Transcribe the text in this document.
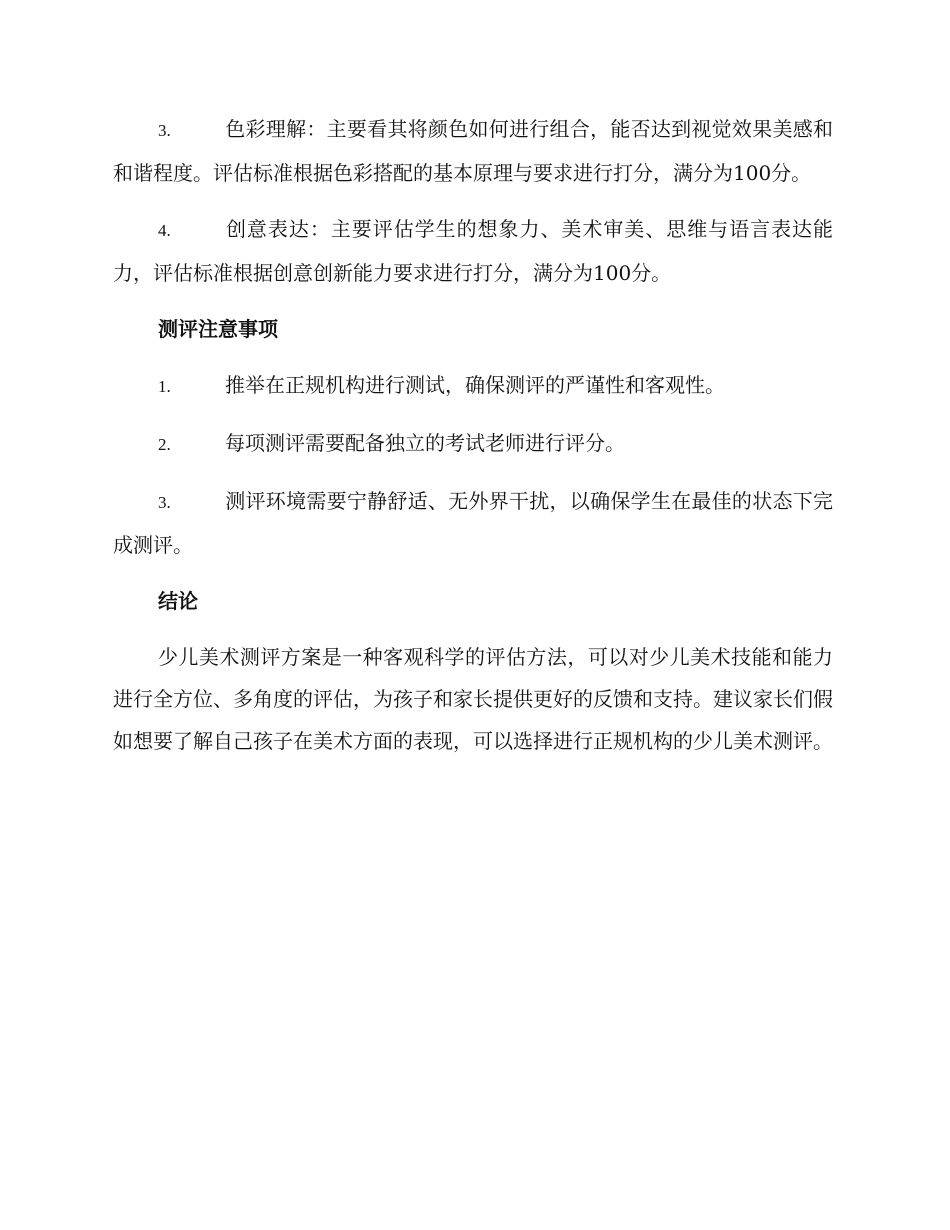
3.	色彩理解：主要看其将颜色如何进行组合，能否达到视觉效果美感和和谐程度。评估标准根据色彩搭配的基本原理与要求进行打分，满分为100分。

4.	创意表达：主要评估学生的想象力、美术审美、思维与语言表达能力，评估标准根据创意创新能力要求进行打分，满分为100分。

测评注意事项

1.	推举在正规机构进行测试，确保测评的严谨性和客观性。

2.	每项测评需要配备独立的考试老师进行评分。

3.	测评环境需要宁静舒适、无外界干扰，以确保学生在最佳的状态下完成测评。

结论

少儿美术测评方案是一种客观科学的评估方法，可以对少儿美术技能和能力进行全方位、多角度的评估，为孩子和家长提供更好的反馈和支持。建议家长们假如想要了解自己孩子在美术方面的表现，可以选择进行正规机构的少儿美术测评。
